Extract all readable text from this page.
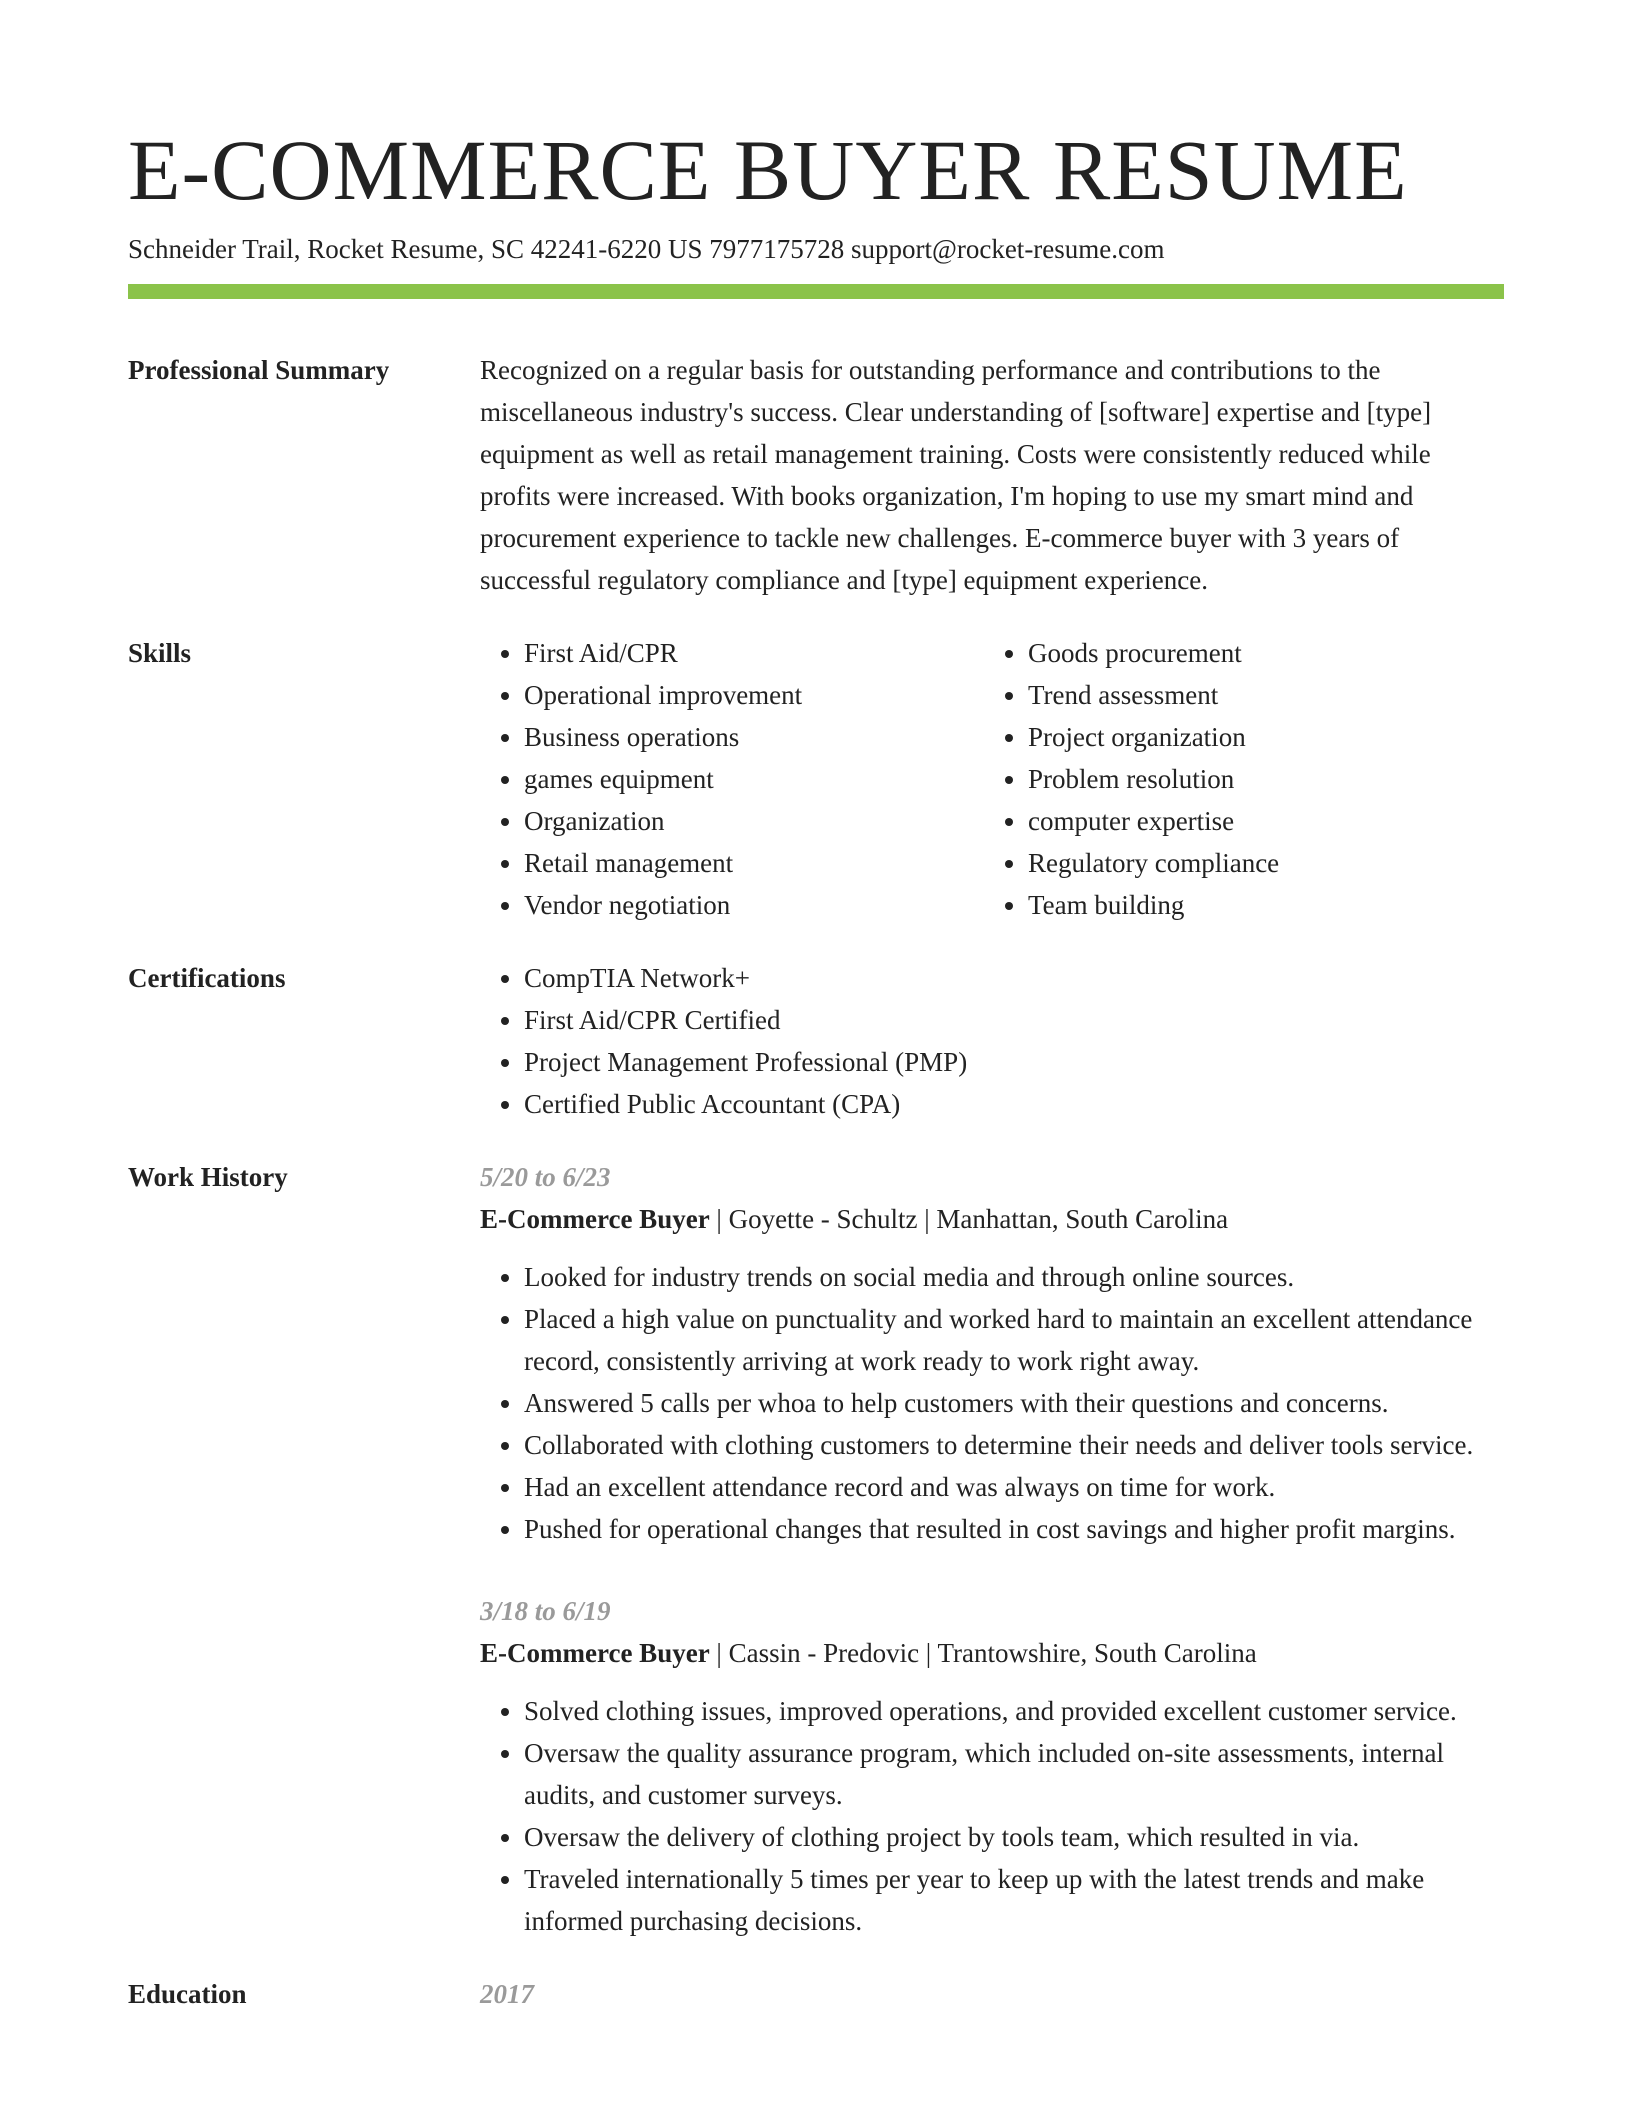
E-COMMERCE BUYER RESUME
Schneider Trail, Rocket Resume, SC 42241-6220 US 7977175728 support@rocket-resume.com
Professional Summary	Recognized on a regular basis for outstanding performance and contributions to the miscellaneous industry's success. Clear understanding of [software] expertise and [type] equipment as well as retail management training. Costs were consistently reduced while profits were increased. With books organization, I'm hoping to use my smart mind and procurement experience to tackle new challenges. E-commerce buyer with 3 years of successful regulatory compliance and [type] equipment experience.

Skills	• First Aid/CPR
• Operational improvement
• Business operations
• games equipment
• Organization
• Retail management
• Vendor negotiation
• Goods procurement
• Trend assessment
• Project organization
• Problem resolution
• computer expertise
• Regulatory compliance
• Team building
Certifications	• CompTIA Network+
• First Aid/CPR Certified
• Project Management Professional (PMP)
• Certified Public Accountant (CPA)
Work History	5/20 to 6/23
E-Commerce Buyer | Goyette - Schultz | Manhattan, South Carolina
• Looked for industry trends on social media and through online sources.
• Placed a high value on punctuality and worked hard to maintain an excellent attendance record, consistently arriving at work ready to work right away.
• Answered 5 calls per whoa to help customers with their questions and concerns.
• Collaborated with clothing customers to determine their needs and deliver tools service.
• Had an excellent attendance record and was always on time for work.
• Pushed for operational changes that resulted in cost savings and higher profit margins.
3/18 to 6/19
E-Commerce Buyer | Cassin - Predovic | Trantowshire, South Carolina
• Solved clothing issues, improved operations, and provided excellent customer service.
• Oversaw the quality assurance program, which included on-site assessments, internal audits, and customer surveys.
• Oversaw the delivery of clothing project by tools team, which resulted in via.
• Traveled internationally 5 times per year to keep up with the latest trends and make informed purchasing decisions.
Education	2017
